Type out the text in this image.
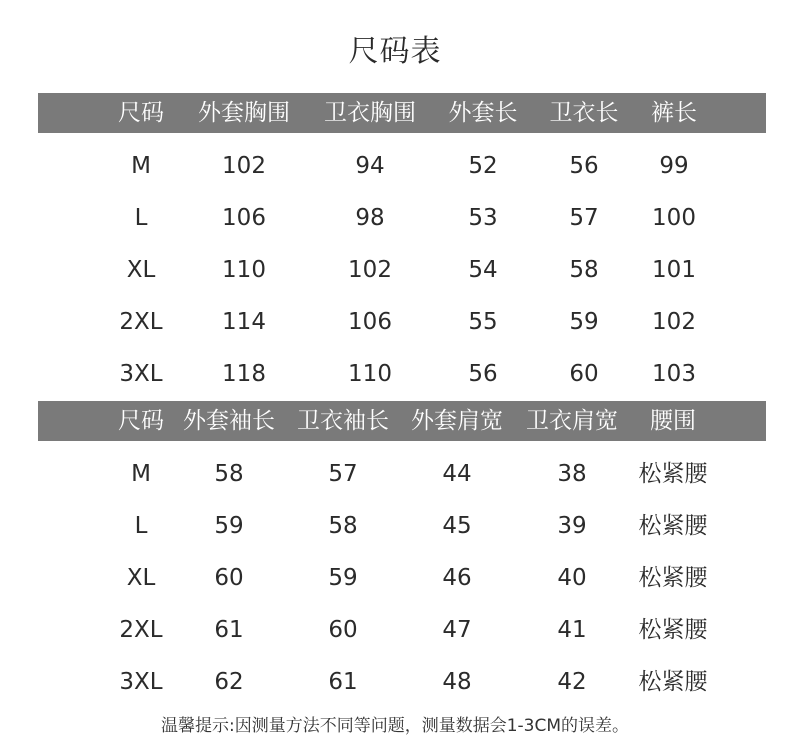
尺码表
尺码 外套胸围 卫衣胸围 外套长 卫衣长 裤长
M	102	94	52	56	99
L	106	98	53	57 100
XL	110	102	54	58 101
2XL	114	106	55	59 102
3XL	118	110	56	60 103
尺码 外套袖长 卫衣袖长 外套肩宽 卫衣肩宽 腰围
M	58	57	44	38 松紧腰
L	59	58	45	39 松紧腰
XL	60	59	46	40 松紧腰
2XL 61	60	47	41 松紧腰
3XL 62	61	48	42 松紧腰
温馨提示:因测量方法不同等问题，测量数据会1-3CM的误差。
